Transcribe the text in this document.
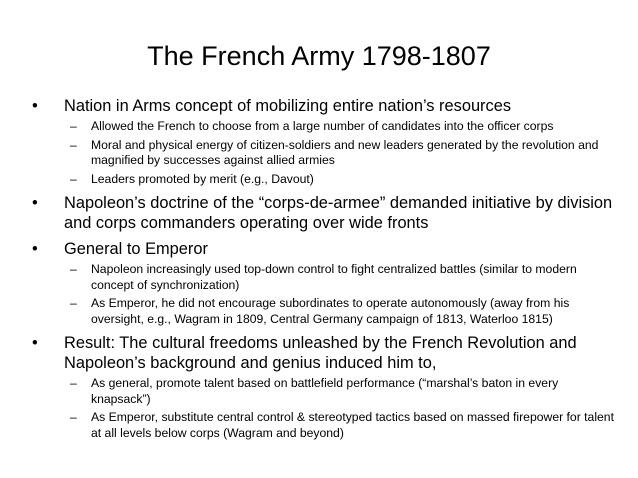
The French Army 1798-1807
• Nation in Arms concept of mobilizing entire nation’s resources
– Allowed the French to choose from a large number of candidates into the officer corps
– Moral and physical energy of citizen-soldiers and new leaders generated by the revolution and magnified by successes against allied armies
– Leaders promoted by merit (e.g., Davout)
• Napoleon’s doctrine of the “corps-de-armee” demanded initiative by division and corps commanders operating over wide fronts
• General to Emperor
– Napoleon increasingly used top-down control to fight centralized battles (similar to modern concept of synchronization)
– As Emperor, he did not encourage subordinates to operate autonomously (away from his oversight, e.g., Wagram in 1809, Central Germany campaign of 1813, Waterloo 1815)
• Result: The cultural freedoms unleashed by the French Revolution and Napoleon’s background and genius induced him to,
– As general, promote talent based on battlefield performance (“marshal’s baton in every knapsack”)
– As Emperor, substitute central control & stereotyped tactics based on massed firepower for talent at all levels below corps (Wagram and beyond)
